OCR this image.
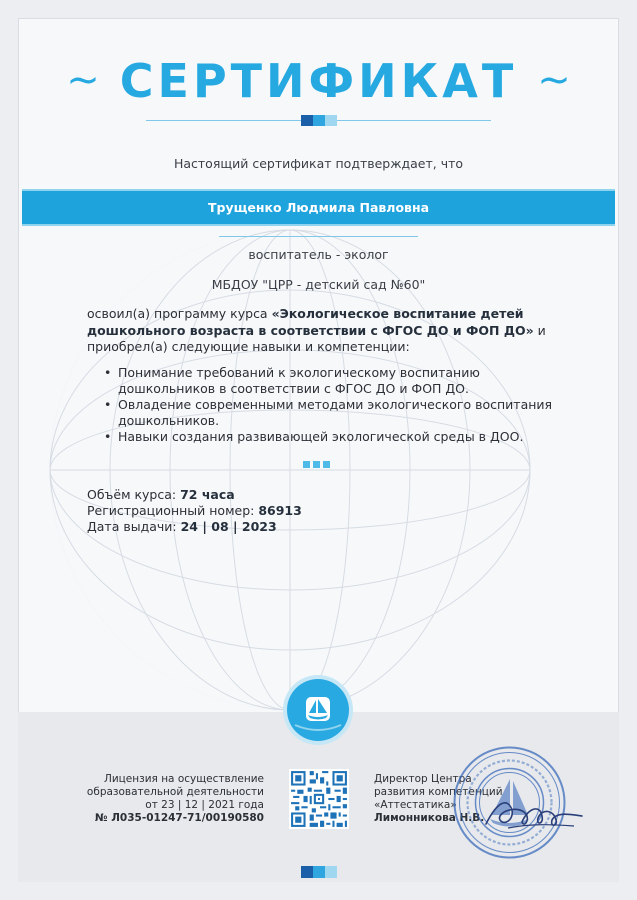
~ СЕРТИФИКАТ ~
Настоящий сертификат подтверждает, что
Трущенко Людмила Павловна
воспитатель - эколог
МБДОУ "ЦРР - детский сад №60"
освоил(а) программу курса «Экологическое воспитание детей дошкольного возраста в соответствии с ФГОС ДО и ФОП ДО» и приобрел(а) следующие навыки и компетенции:
• Понимание требований к экологическому воспитанию дошкольников в соответствии с ФГОС ДО и ФОП ДО.
• Овладение современными методами экологического воспитания дошкольников.
• Навыки создания развивающей экологической среды в ДОО.
Объём курса: 72 часа
Регистрационный номер: 86913
Дата выдачи: 24 | 08 | 2023
Лицензия на осуществление
образовательной деятельности
от 23 | 12 | 2021 года
№ Л035-01247-71/00190580
Директор Центра
развития компетенций
«Аттестатика»
Лимонникова Н.В.
